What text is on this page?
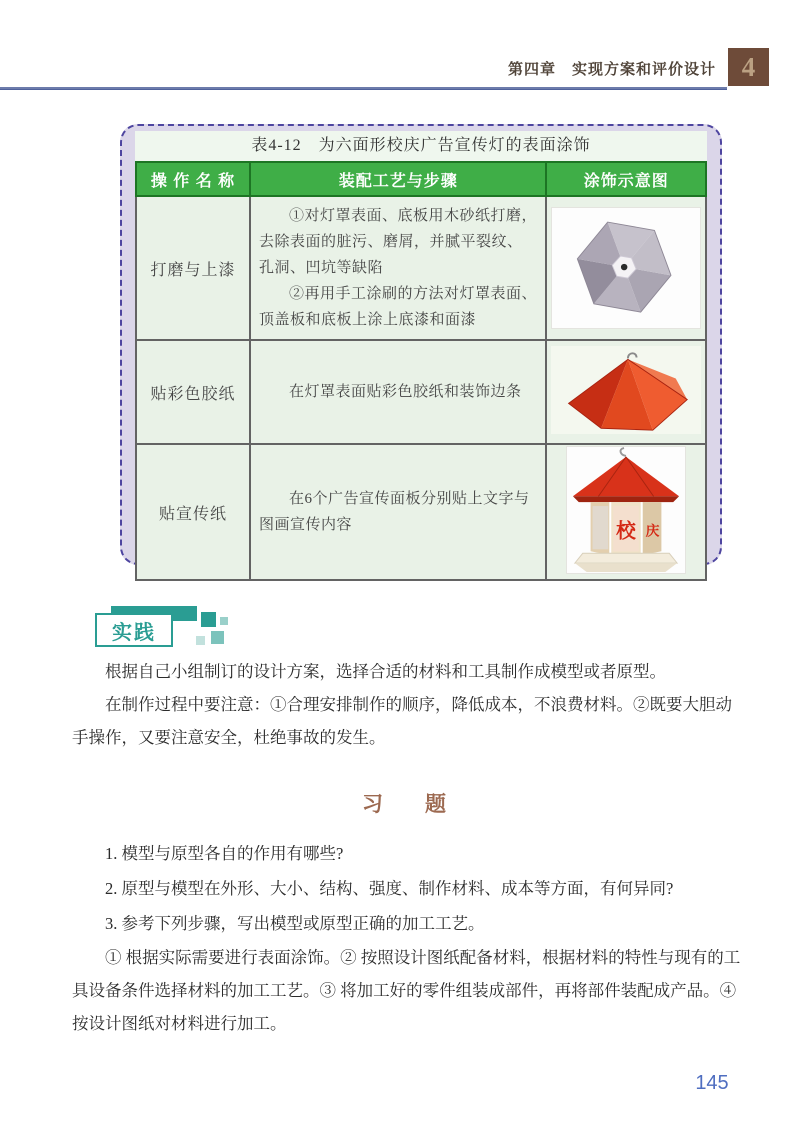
第四章　实现方案和评价设计 4
表4-12　为六面形校庆广告宣传灯的表面涂饰
操 作 名 称	装配工艺与步骤	涂饰示意图
打磨与上漆	①对灯罩表面、底板用木砂纸打磨，去除表面的脏污、磨屑，并腻平裂纹、孔洞、凹坑等缺陷

②再用手工涂刷的方法对灯罩表面、顶盖板和底板上涂上底漆和面漆

贴彩色胶纸	在灯罩表面贴彩色胶纸和装饰边条

贴宣传纸	在6个广告宣传面板分别贴上文字与图画宣传内容	校 庆
实践

根据自己小组制订的设计方案，选择合适的材料和工具制作成模型或者原型。

在制作过程中要注意：①合理安排制作的顺序，降低成本，不浪费材料。②既要大胆动手操作，又要注意安全，杜绝事故的发生。

习　　题

1. 模型与原型各自的作用有哪些?

2. 原型与模型在外形、大小、结构、强度、制作材料、成本等方面，有何异同?

3. 参考下列步骤，写出模型或原型正确的加工工艺。

① 根据实际需要进行表面涂饰。② 按照设计图纸配备材料，根据材料的特性与现有的工具设备条件选择材料的加工工艺。③ 将加工好的零件组装成部件，再将部件装配成产品。④ 按设计图纸对材料进行加工。

145
